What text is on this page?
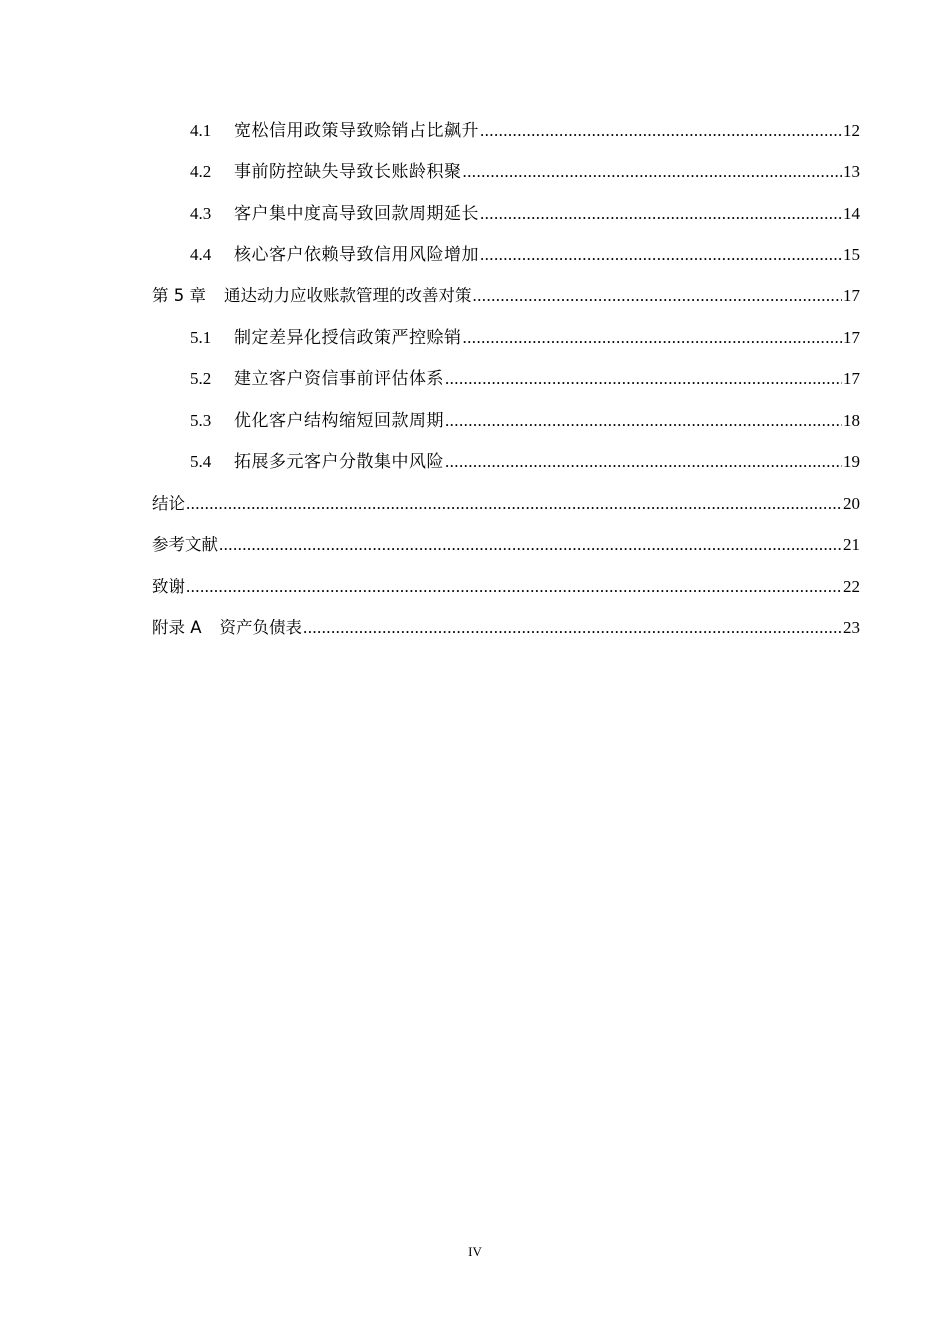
4.1	宽松信用政策导致赊销占比飙升 .....	12
4.2	事前防控缺失导致长账龄积聚 .....	13
4.3	客户集中度高导致回款周期延长 .....	14
4.4	核心客户依赖导致信用风险增加 .....	15
第 5 章 通达动力应收账款管理的改善对策 .....	17
5.1	制定差异化授信政策严控赊销 .....	17
5.2	建立客户资信事前评估体系 .....	17
5.3	优化客户结构缩短回款周期 .....	18
5.4	拓展多元客户分散集中风险 .....	19
结论 .....	20
参考文献 .....	21
致谢 .....	22
附录 A 资产负债表 .....	23
IV
